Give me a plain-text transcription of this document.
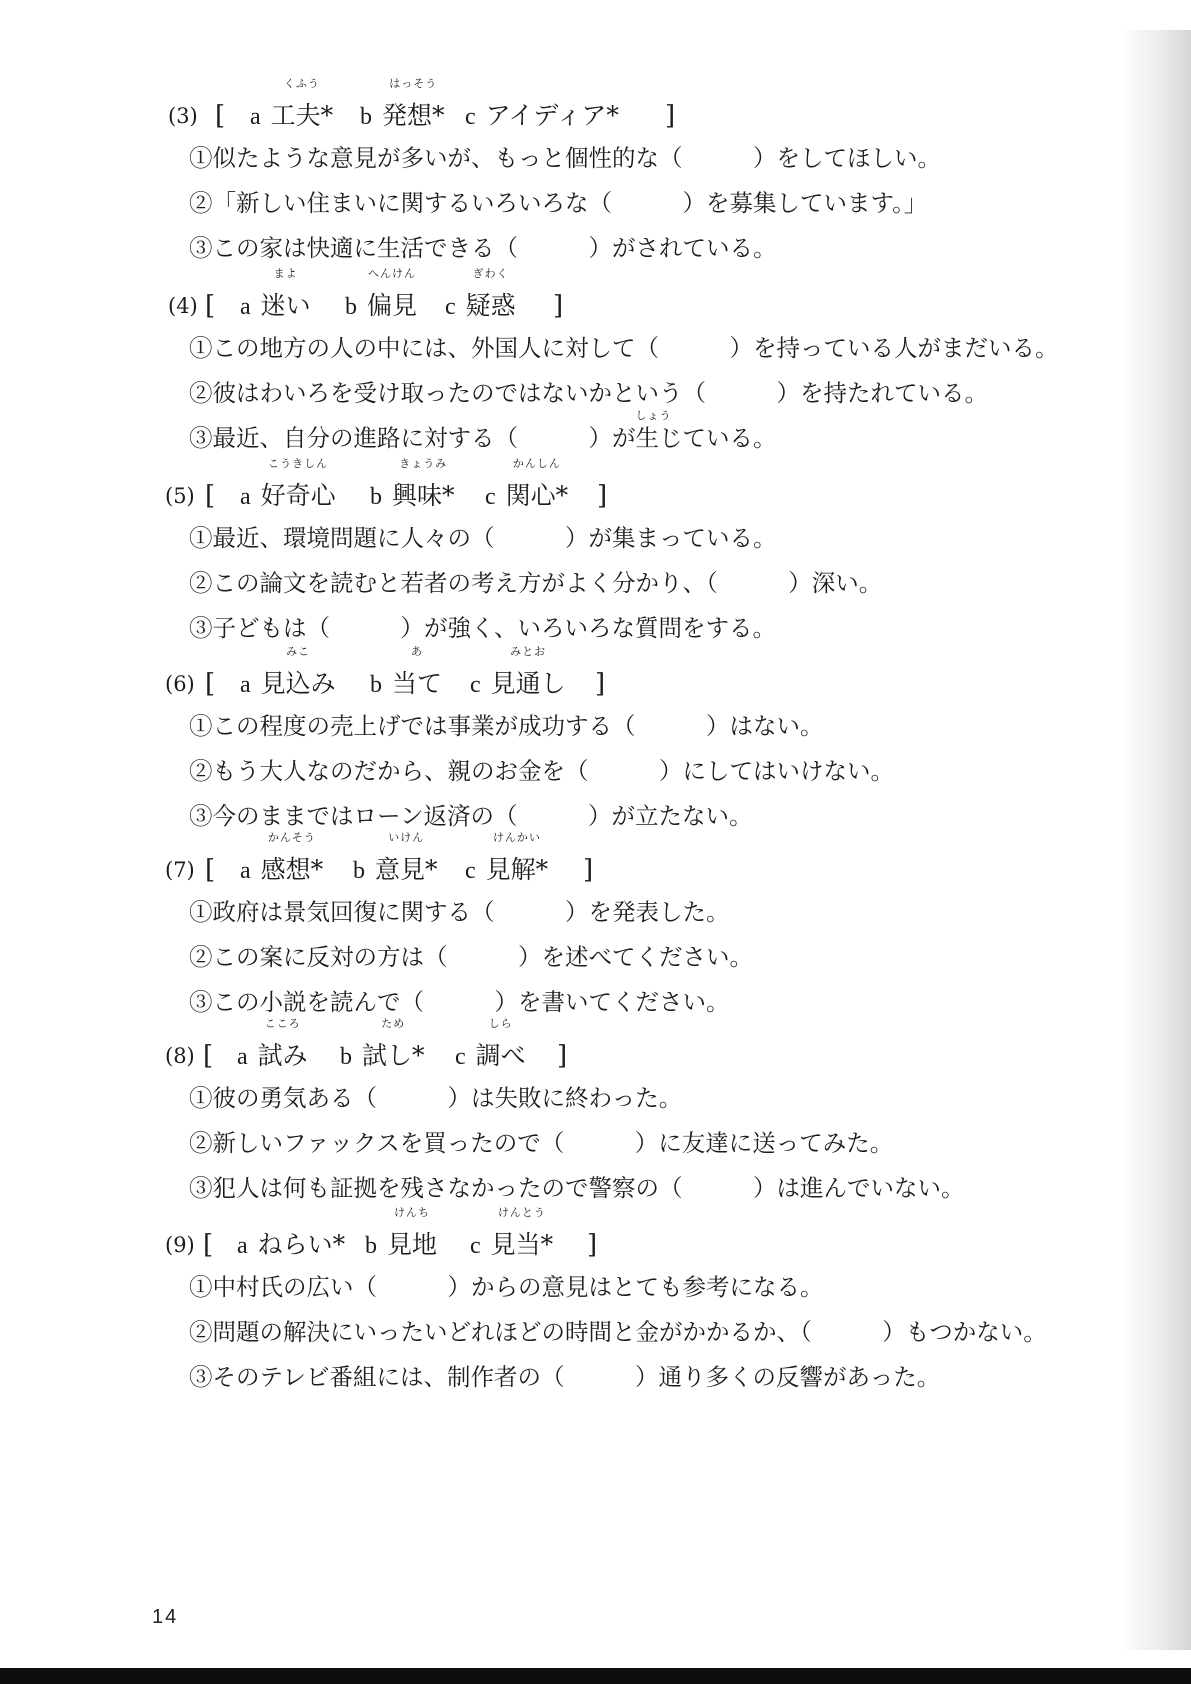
(3) [ a
くふう
工夫* b
はっそう
発想* c アイディア* ]
①似たような意見が多いが、もっと個性的な（　　　）をしてほしい。
②「新しい住まいに関するいろいろな（　　　）を募集しています。」
③この家は快適に生活できる（　　　）がされている。
(4) [ a
まよ
迷い b
へんけん
偏見 c
ぎわく
疑惑 ]
①この地方の人の中には、外国人に対して（　　　）を持っている人がまだいる。
②彼はわいろを受け取ったのではないかという（　　　）を持たれている。
③最近、自分の進路に対する（　　　）が
しょう
生じている。
(5) [ a
こうきしん
好奇心 b
きょうみ
興味* c
かんしん
関心* ]
①最近、環境問題に人々の（　　　）が集まっている。
②この論文を読むと若者の考え方がよく分かり、（　　　）深い。
③子どもは（　　　）が強く、いろいろな質問をする。
(6) [ a
みこ
見込み b
あ
当て c
みとお
見通し ]
①この程度の売上げでは事業が成功する（　　　）はない。
②もう大人なのだから、親のお金を（　　　）にしてはいけない。
③今のままではローン返済の（　　　）が立たない。
(7) [ a
かんそう
感想* b
いけん
意見* c
けんかい
見解* ]
①政府は景気回復に関する（　　　）を発表した。
②この案に反対の方は（　　　）を述べてください。
③この小説を読んで（　　　）を書いてください。
(8) [ a
こころ
試み b
ため
試し* c
しら
調べ ]
①彼の勇気ある（　　　）は失敗に終わった。
②新しいファックスを買ったので（　　　）に友達に送ってみた。
③犯人は何も証拠を残さなかったので警察の（　　　）は進んでいない。
(9) [ a ねらい* b
けんち
見地 c
けんとう
見当* ]
①中村氏の広い（　　　）からの意見はとても参考になる。
②問題の解決にいったいどれほどの時間と金がかかるか、（　　　）もつかない。
③そのテレビ番組には、制作者の（　　　）通り多くの反響があった。
14
